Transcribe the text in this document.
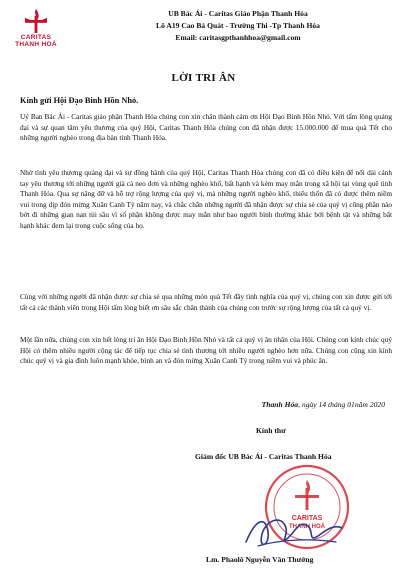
CARITAS
THANH HOÁ
UB Bác Ái - Caritas Giáo Phận Thanh Hóa
Lô A19 Cao Bá Quát - Trường Thi -Tp Thanh Hóa
Email: caritasgpthanhhoa@gmail.com
LỜI TRI ÂN
Kính gửi Hội Đạo Binh Hồn Nhỏ.
Uỷ Ban Bác Ái - Caritas giáo phận Thanh Hóa chúng con xin chân thành cảm ơn Hội Đạo Binh Hồn Nhỏ. Với tấm lòng quảng đại và sự quan tâm yêu thương của quý Hội, Caritas Thanh Hóa chúng con đã nhận được 15.000.000 đế mua quà Tết cho những người nghèo trong địa bàn tỉnh Thanh Hóa.
Nhờ tình yêu thương quảng đại và sự đồng hành của quý Hội, Caritas Thanh Hóa chúng con đã có điều kiện để nối dài cánh tay yêu thương tới những người già cả neo đơn và những nghèo khổ, bất hạnh và kém may mắn trong xã hội tại vùng quê tỉnh Thanh Hóa. Qua sự nâng đỡ và hỗ trợ rộng lượng của quý vị, mà những người nghèo khổ, thiếu thốn đã có được thêm niềm vui trong dịp đón mừng Xuân Canh Tý năm nay, và chắc chắn những người đã nhận được sự chia sẻ của quý vị cũng phần nào bớt đi những gian nan tủi sầu vì số phận không được may mắn như bao người bình thường khác bởi bệnh tật và những bất hạnh khác đem lại trong cuộc sống của họ.
Cùng với những người đã nhận được sự chia sẻ qua những món quà Tết đầy tình nghĩa của quý vị, chúng con xin được gửi tới tất cả các thành viên trong Hội tấm lòng biết ơn sâu sắc chân thành của chúng con trước sự rộng lượng của tất cả quý vị.
Một lần nữa, chúng con xin hết lòng tri ân Hội Đạo Binh Hồn Nhỏ và tất cả quý vị ân nhân của Hội. Chúng con kính chúc quý Hội có thêm nhiều người cộng tác để tiếp tục chia sẻ tình thương tới nhiều người nghèo hơn nữa. Chúng con cũng xin kính chúc quý vị và gia đình luôn mạnh khỏe, bình an và đón mừng Xuân Canh Tý trong niềm vui và phúc ân.
Thanh Hóa, ngày 14 tháng 01năm 2020
Kính thư
Giám đốc UB Bác Ái - Caritas Thanh Hóa
CARITAS
THANH HOÁ
Lm. Phaolô Nguyễn Văn Thường
